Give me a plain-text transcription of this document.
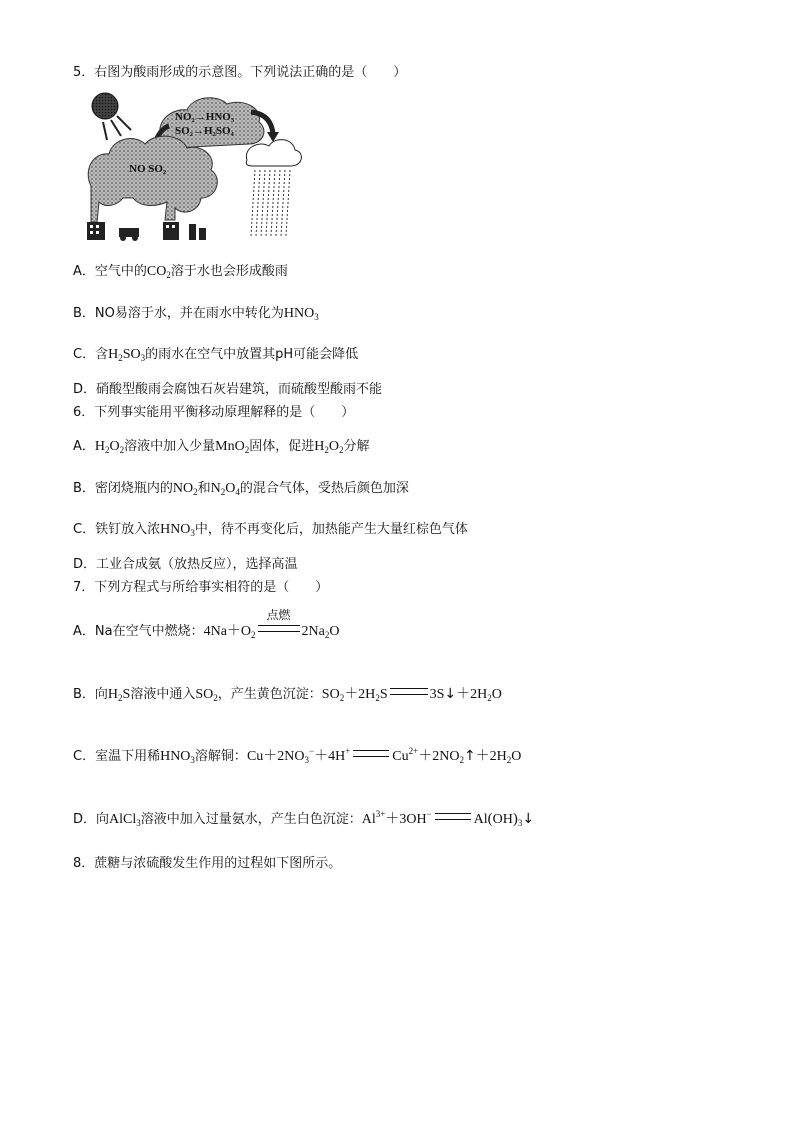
5．右图为酸雨形成的示意图。下列说法正确的是（　　）
NO₂→HNO₃
SO₂→H₂SO₄
NO SO₂
A．空气中的$CO_2$溶于水也会形成酸雨
B．NO易溶于水，并在雨水中转化为$HNO_3$
C．含$H_2SO_3$的雨水在空气中放置其pH可能会降低
D．硝酸型酸雨会腐蚀石灰岩建筑，而硫酸型酸雨不能
6．下列事实能用平衡移动原理解释的是（　　）
A．$H_2O_2$溶液中加入少量MnO$_2$固体，促进$H_2O_2$分解
B．密闭烧瓶内的$NO_2$和$N_2O_4$的混合气体，受热后颜色加深
C．铁钉放入浓$HNO_3$中，待不再变化后，加热能产生大量红棕色气体
D．工业合成氨（放热反应），选择高温
7．下列方程式与所给事实相符的是（　　）
A．Na在空气中燃烧：$4Na+O_2$
点燃
$2Na_2O$
B．向$H_2S$溶液中通入$SO_2$，产生黄色沉淀：$SO_2+2H_2S$	$3S↓+2H_2O$
C．室温下用稀$HNO_3$溶解铜：$Cu+2NO_3^-+4H^+$	$Cu^{2+}+2NO_2↑+2H_2O$
D．向AlCl$_3$溶液中加入过量氨水，产生白色沉淀：$Al^{3+}+3OH^-$	$Al(OH)_3↓$
8．蔗糖与浓硫酸发生作用的过程如下图所示。
